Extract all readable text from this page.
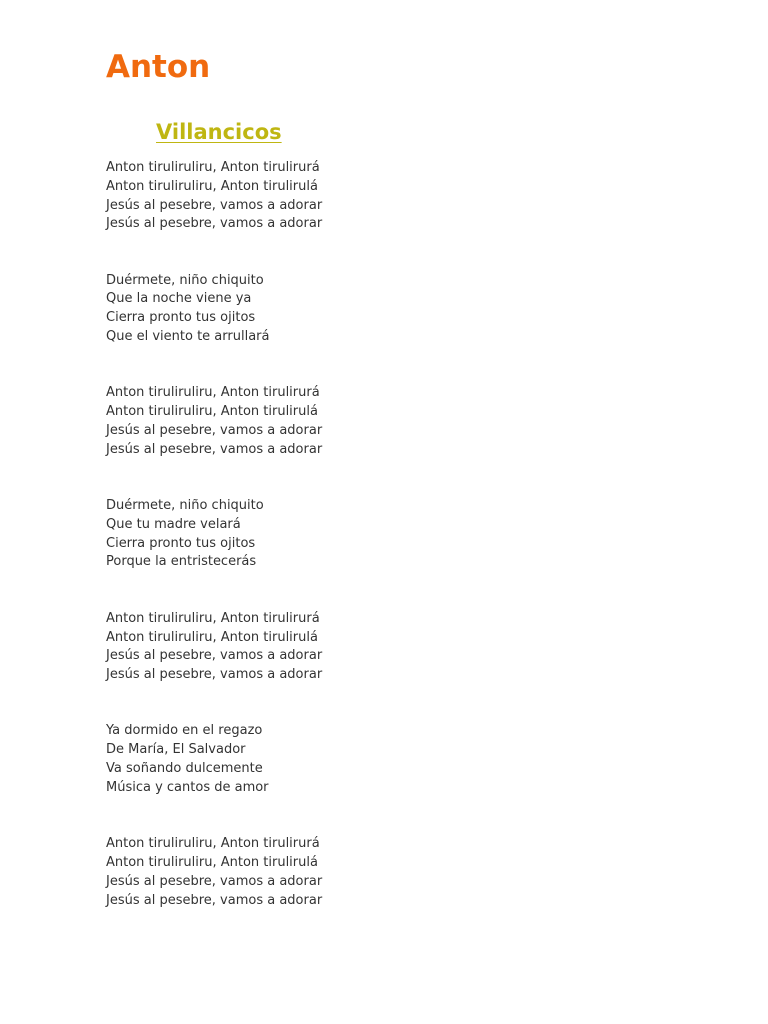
Anton
Villancicos
Anton tiruliruliru, Anton tirulirurá
Anton tiruliruliru, Anton tirulirulá
Jesús al pesebre, vamos a adorar
Jesús al pesebre, vamos a adorar
Duérmete, niño chiquito
Que la noche viene ya
Cierra pronto tus ojitos
Que el viento te arrullará
Anton tiruliruliru, Anton tirulirurá
Anton tiruliruliru, Anton tirulirulá
Jesús al pesebre, vamos a adorar
Jesús al pesebre, vamos a adorar
Duérmete, niño chiquito
Que tu madre velará
Cierra pronto tus ojitos
Porque la entristecerás
Anton tiruliruliru, Anton tirulirurá
Anton tiruliruliru, Anton tirulirulá
Jesús al pesebre, vamos a adorar
Jesús al pesebre, vamos a adorar
Ya dormido en el regazo
De María, El Salvador
Va soñando dulcemente
Música y cantos de amor
Anton tiruliruliru, Anton tirulirurá
Anton tiruliruliru, Anton tirulirulá
Jesús al pesebre, vamos a adorar
Jesús al pesebre, vamos a adorar
